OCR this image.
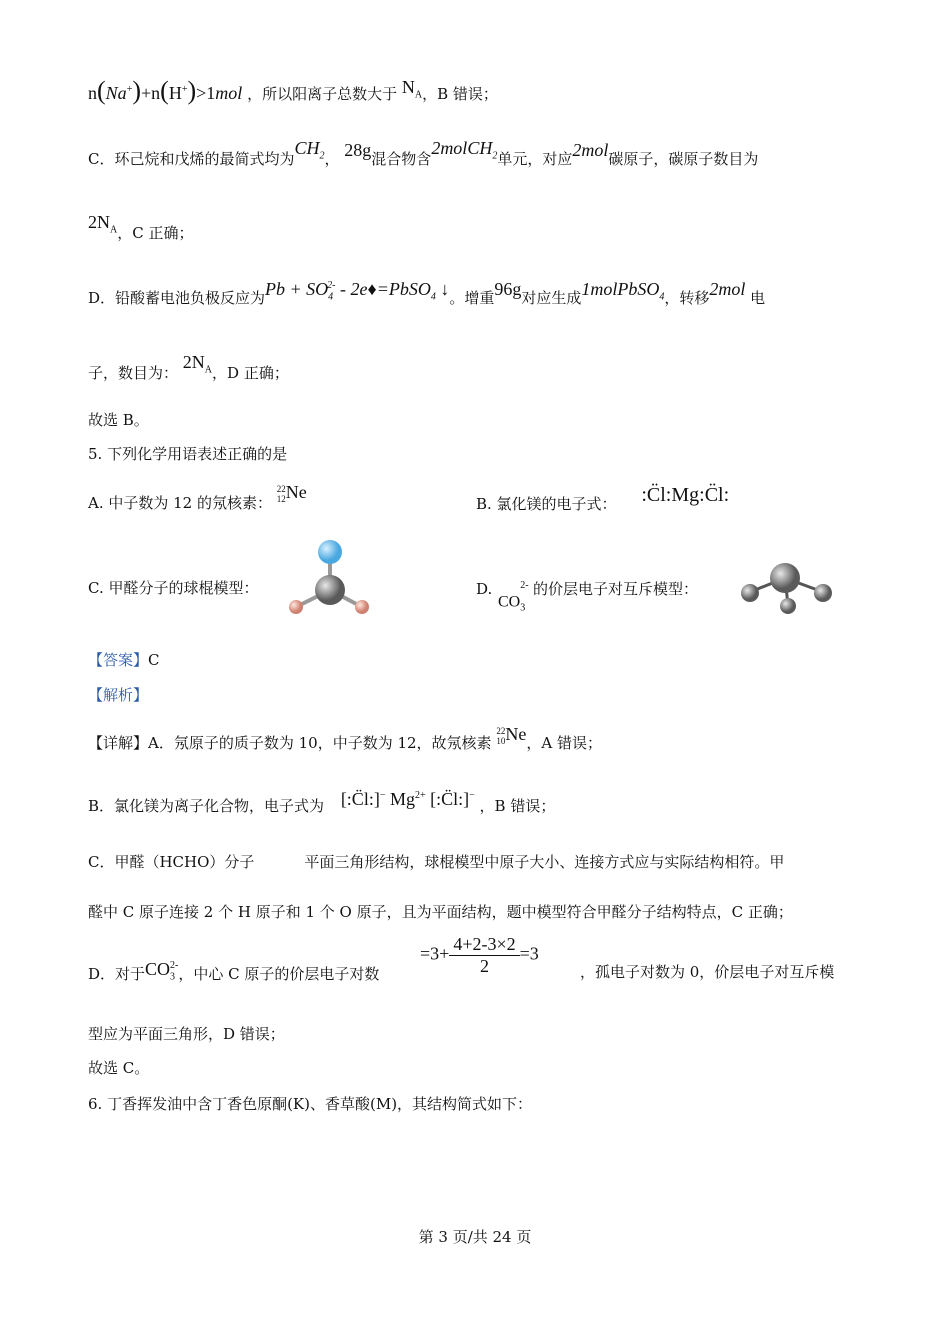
n(Na+)+n(H+)>1mol ，所以阳离子总数大于 $N_A$，B 错误；
C．环己烷和戊烯的最简式均为$CH_2$， 28g混合物含2molCH$_2$单元，对应2mol碳原子，碳原子数目为
$2N_A$，C 正确；
D．铅酸蓄电池负极反应为$Pb + SO_4^{2-}$ - 2e♦=PbSO$_4$ ↓。增重96g对应生成1molPbSO$_4$，转移2mol 电
子，数目为： $2N_A$，D 正确；
故选 B。
5. 下列化学用语表述正确的是
A. 中子数为 12 的氖核素： 22
12Ne
B. 氯化镁的电子式： :C̈l:Mg:C̈l:
C. 甲醛分子的球棍模型：	D.	的价层电子对互斥模型：
$CO_3^{2-}$
【答案】C
【解析】
【详解】A．氖原子的质子数为 10，中子数为 12，故氖核素 22
10Ne，A 错误；
B．氯化镁为离子化合物，电子式为 [:C̈l:]− $Mg^{2+}$ [:C̈l:]− ，B 错误；
C．甲醛（HCHO）分子	平面三角形结构，球棍模型中原子大小、连接方式应与实际结构相符。甲
醛中 C 原子连接 2 个 H 原子和 1 个 O 原子，且为平面结构，题中模型符合甲醛分子结构特点，C 正确；
D．对于$CO_3^{2-}$，中心 C 原子的价层电子对数
$=3+ \frac{4+2-3\times 2}{2} =3$
，孤电子对数为 0，价层电子对互斥模
型应为平面三角形，D 错误；
故选 C。
6. 丁香挥发油中含丁香色原酮(K)、香草酸(M)，其结构简式如下：
第 3 页/共 24 页
